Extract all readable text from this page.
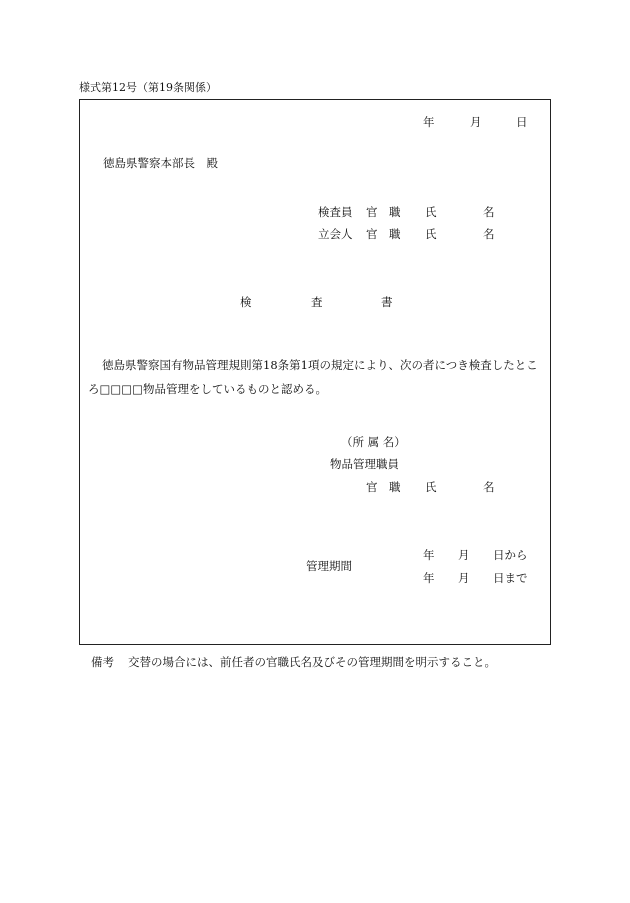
様式第12号（第19条関係）
年	月	日
徳島県警察本部長　殿
検査員 官 職 氏	名
立会人 官 職 氏	名
検	査	書
徳島県警察国有物品管理規則第18条第1項の規定により、次の者につき検査したとこ
ろ□□□□物品管理をしているものと認める。
（所 属 名）
物品管理職員
官 職 氏	名
管理期間
年 月 日から
年 月 日まで
備考 交替の場合には、前任者の官職氏名及びその管理期間を明示すること。
